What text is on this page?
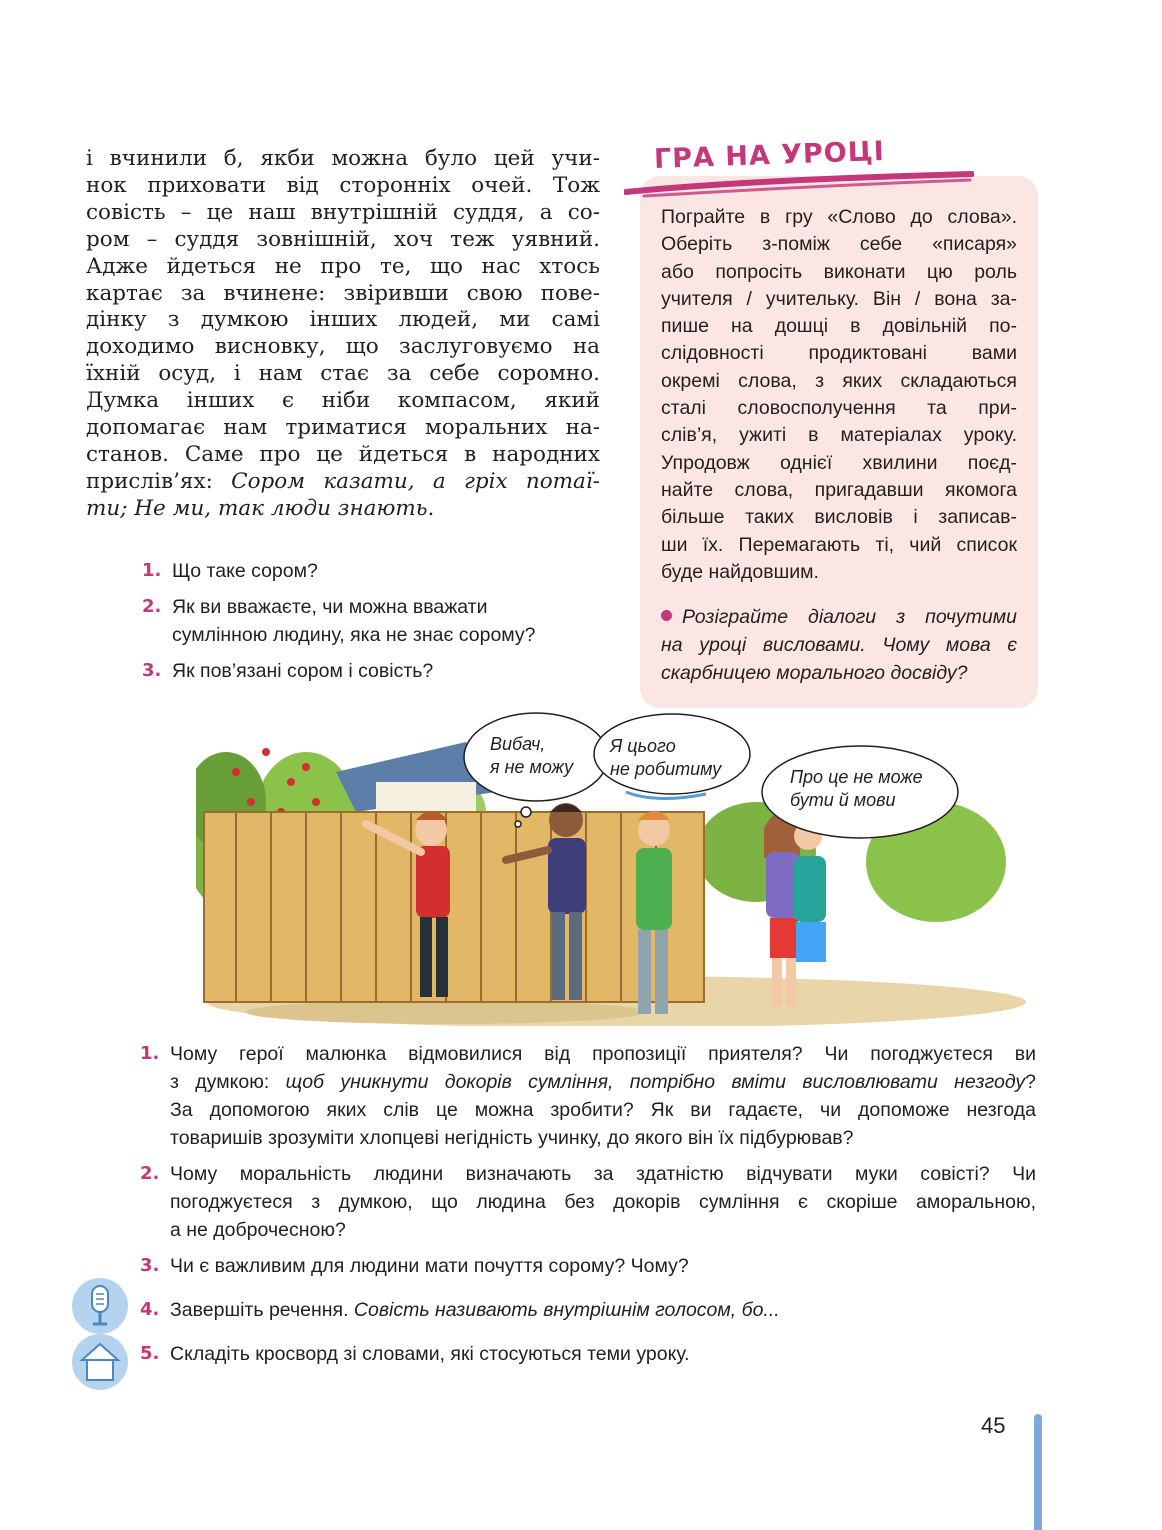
і вчинили б, якби можна було цей учи-
нок приховати від сторонніх очей. Тож
совість – це наш внутрішній суддя, а со-
ром – суддя зовнішній, хоч теж уявний.
Адже йдеться не про те, що нас хтось
картає за вчинене: звіривши свою пове-
дінку з думкою інших людей, ми самі
доходимо висновку, що заслуговуємо на
їхній осуд, і нам стає за себе соромно.
Думка інших є ніби компасом, який
допомагає нам триматися моральних на-
станов. Саме про це йдеться в народних
прислів’ях: Сором казати, а гріх потаї-
ти; Не ми, так люди знають.
1. Що таке сором?
2. Як ви вважаєте, чи можна вважати
сумлінною людину, яка не знає сорому?
3. Як пов’язані сором і совість?
ГРА НА УРОЦІ
Пограйте в гру «Слово до слова».
Оберіть з-поміж себе «писаря»
або попросіть виконати цю роль
учителя / учительку. Він / вона за-
пише на дошці в довільній по-
слідовності продиктовані вами
окремі слова, з яких складаються
сталі словосполучення та при-
слів’я, ужиті в матеріалах уроку.
Упродовж однієї хвилини поєд-
найте слова, пригадавши якомога
більше таких висловів і записав-
ши їх. Перемагають ті, чий список
буде найдовшим.
Розіграйте діалоги з почутими
на уроці висловами. Чому мова є
скарбницею морального досвіду?
Вибач,
я не можу
Я цього
не робитиму	Про це не може
бути й мови
1. Чому герої малюнка відмовилися від пропозиції приятеля? Чи погоджуєтеся ви
з думкою: щоб уникнути докорів сумління, потрібно вміти висловлювати незгоду?
За допомогою яких слів це можна зробити? Як ви гадаєте, чи допоможе незгода
товаришів зрозуміти хлопцеві негідність учинку, до якого він їх підбурював?
2. Чому моральність людини визначають за здатністю відчувати муки совісті? Чи
погоджуєтеся з думкою, що людина без докорів сумління є скоріше аморальною,
а не доброчесною?
3. Чи є важливим для людини мати почуття сорому? Чому?
4. Завершіть речення. Совість називають внутрішнім голосом, бо...
5. Складіть кросворд зі словами, які стосуються теми уроку.
45
